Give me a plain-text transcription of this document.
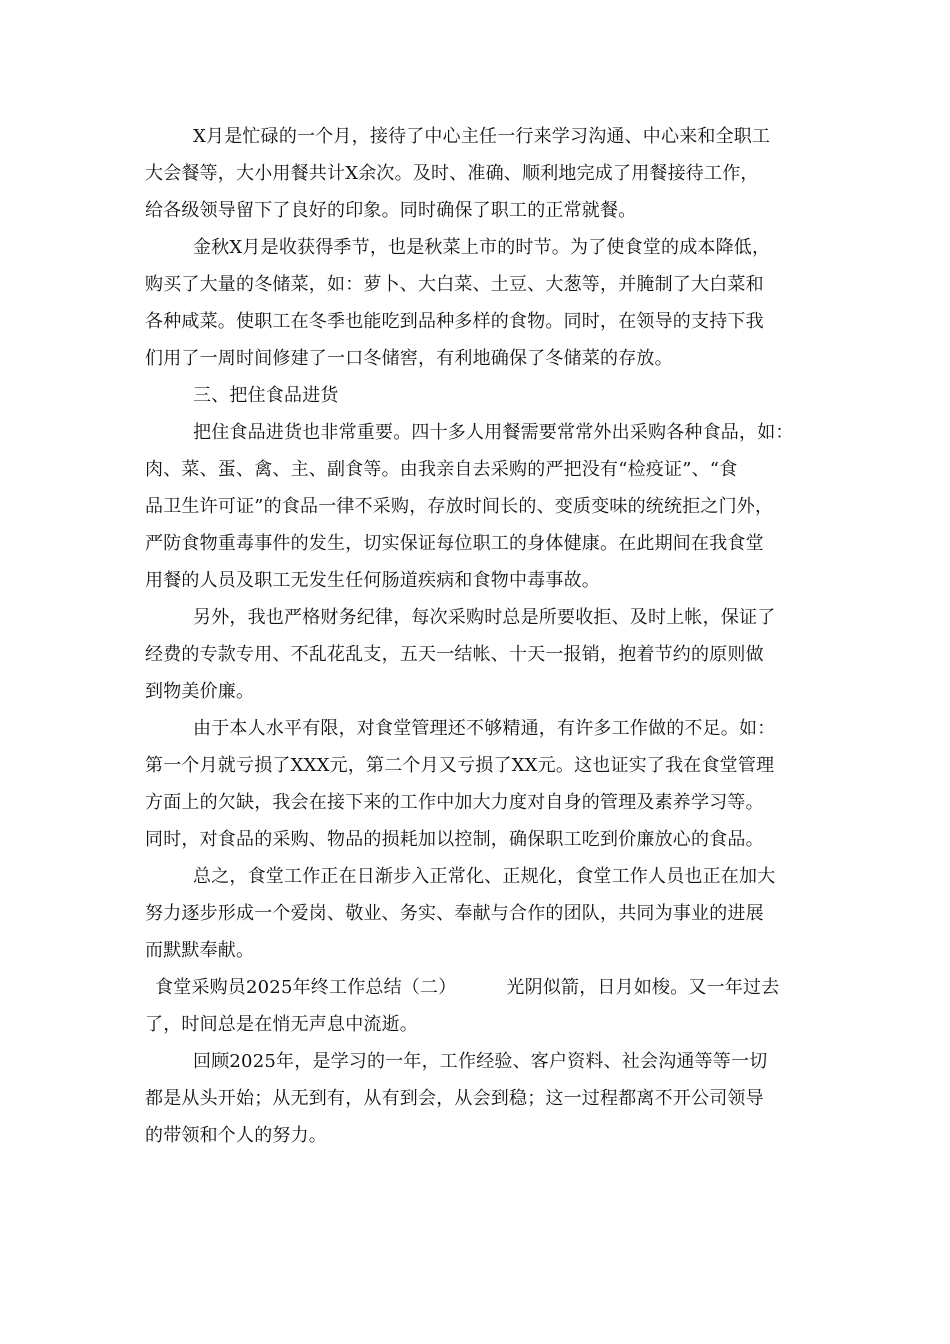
X月是忙碌的一个月，接待了中心主任一行来学习沟通、中心来和全职工
大会餐等，大小用餐共计X余次。及时、准确、顺利地完成了用餐接待工作，
给各级领导留下了良好的印象。同时确保了职工的正常就餐。
金秋X月是收获得季节，也是秋菜上市的时节。为了使食堂的成本降低，
购买了大量的冬储菜，如：萝卜、大白菜、土豆、大葱等，并腌制了大白菜和
各种咸菜。使职工在冬季也能吃到品种多样的食物。同时，在领导的支持下我
们用了一周时间修建了一口冬储窖，有利地确保了冬储菜的存放。
三、把住食品进货
把住食品进货也非常重要。四十多人用餐需要常常外出采购各种食品，如：
肉、菜、蛋、禽、主、副食等。由我亲自去采购的严把没有“检疫证”、“食
品卫生许可证”的食品一律不采购，存放时间长的、变质变味的统统拒之门外，
严防食物重毒事件的发生，切实保证每位职工的身体健康。在此期间在我食堂
用餐的人员及职工无发生任何肠道疾病和食物中毒事故。
另外，我也严格财务纪律，每次采购时总是所要收拒、及时上帐，保证了
经费的专款专用、不乱花乱支，五天一结帐、十天一报销，抱着节约的原则做
到物美价廉。
由于本人水平有限，对食堂管理还不够精通，有许多工作做的不足。如：
第一个月就亏损了XXX元，第二个月又亏损了XX元。这也证实了我在食堂管理
方面上的欠缺，我会在接下来的工作中加大力度对自身的管理及素养学习等。
同时，对食品的采购、物品的损耗加以控制，确保职工吃到价廉放心的食品。
总之，食堂工作正在日渐步入正常化、正规化，食堂工作人员也正在加大
努力逐步形成一个爱岗、敬业、务实、奉献与合作的团队，共同为事业的进展
而默默奉献。
食堂采购员2025年终工作总结（二）	光阴似箭，日月如梭。又一年过去
了，时间总是在悄无声息中流逝。
回顾2025年，是学习的一年，工作经验、客户资料、社会沟通等等一切
都是从头开始；从无到有，从有到会，从会到稳；这一过程都离不开公司领导
的带领和个人的努力。
